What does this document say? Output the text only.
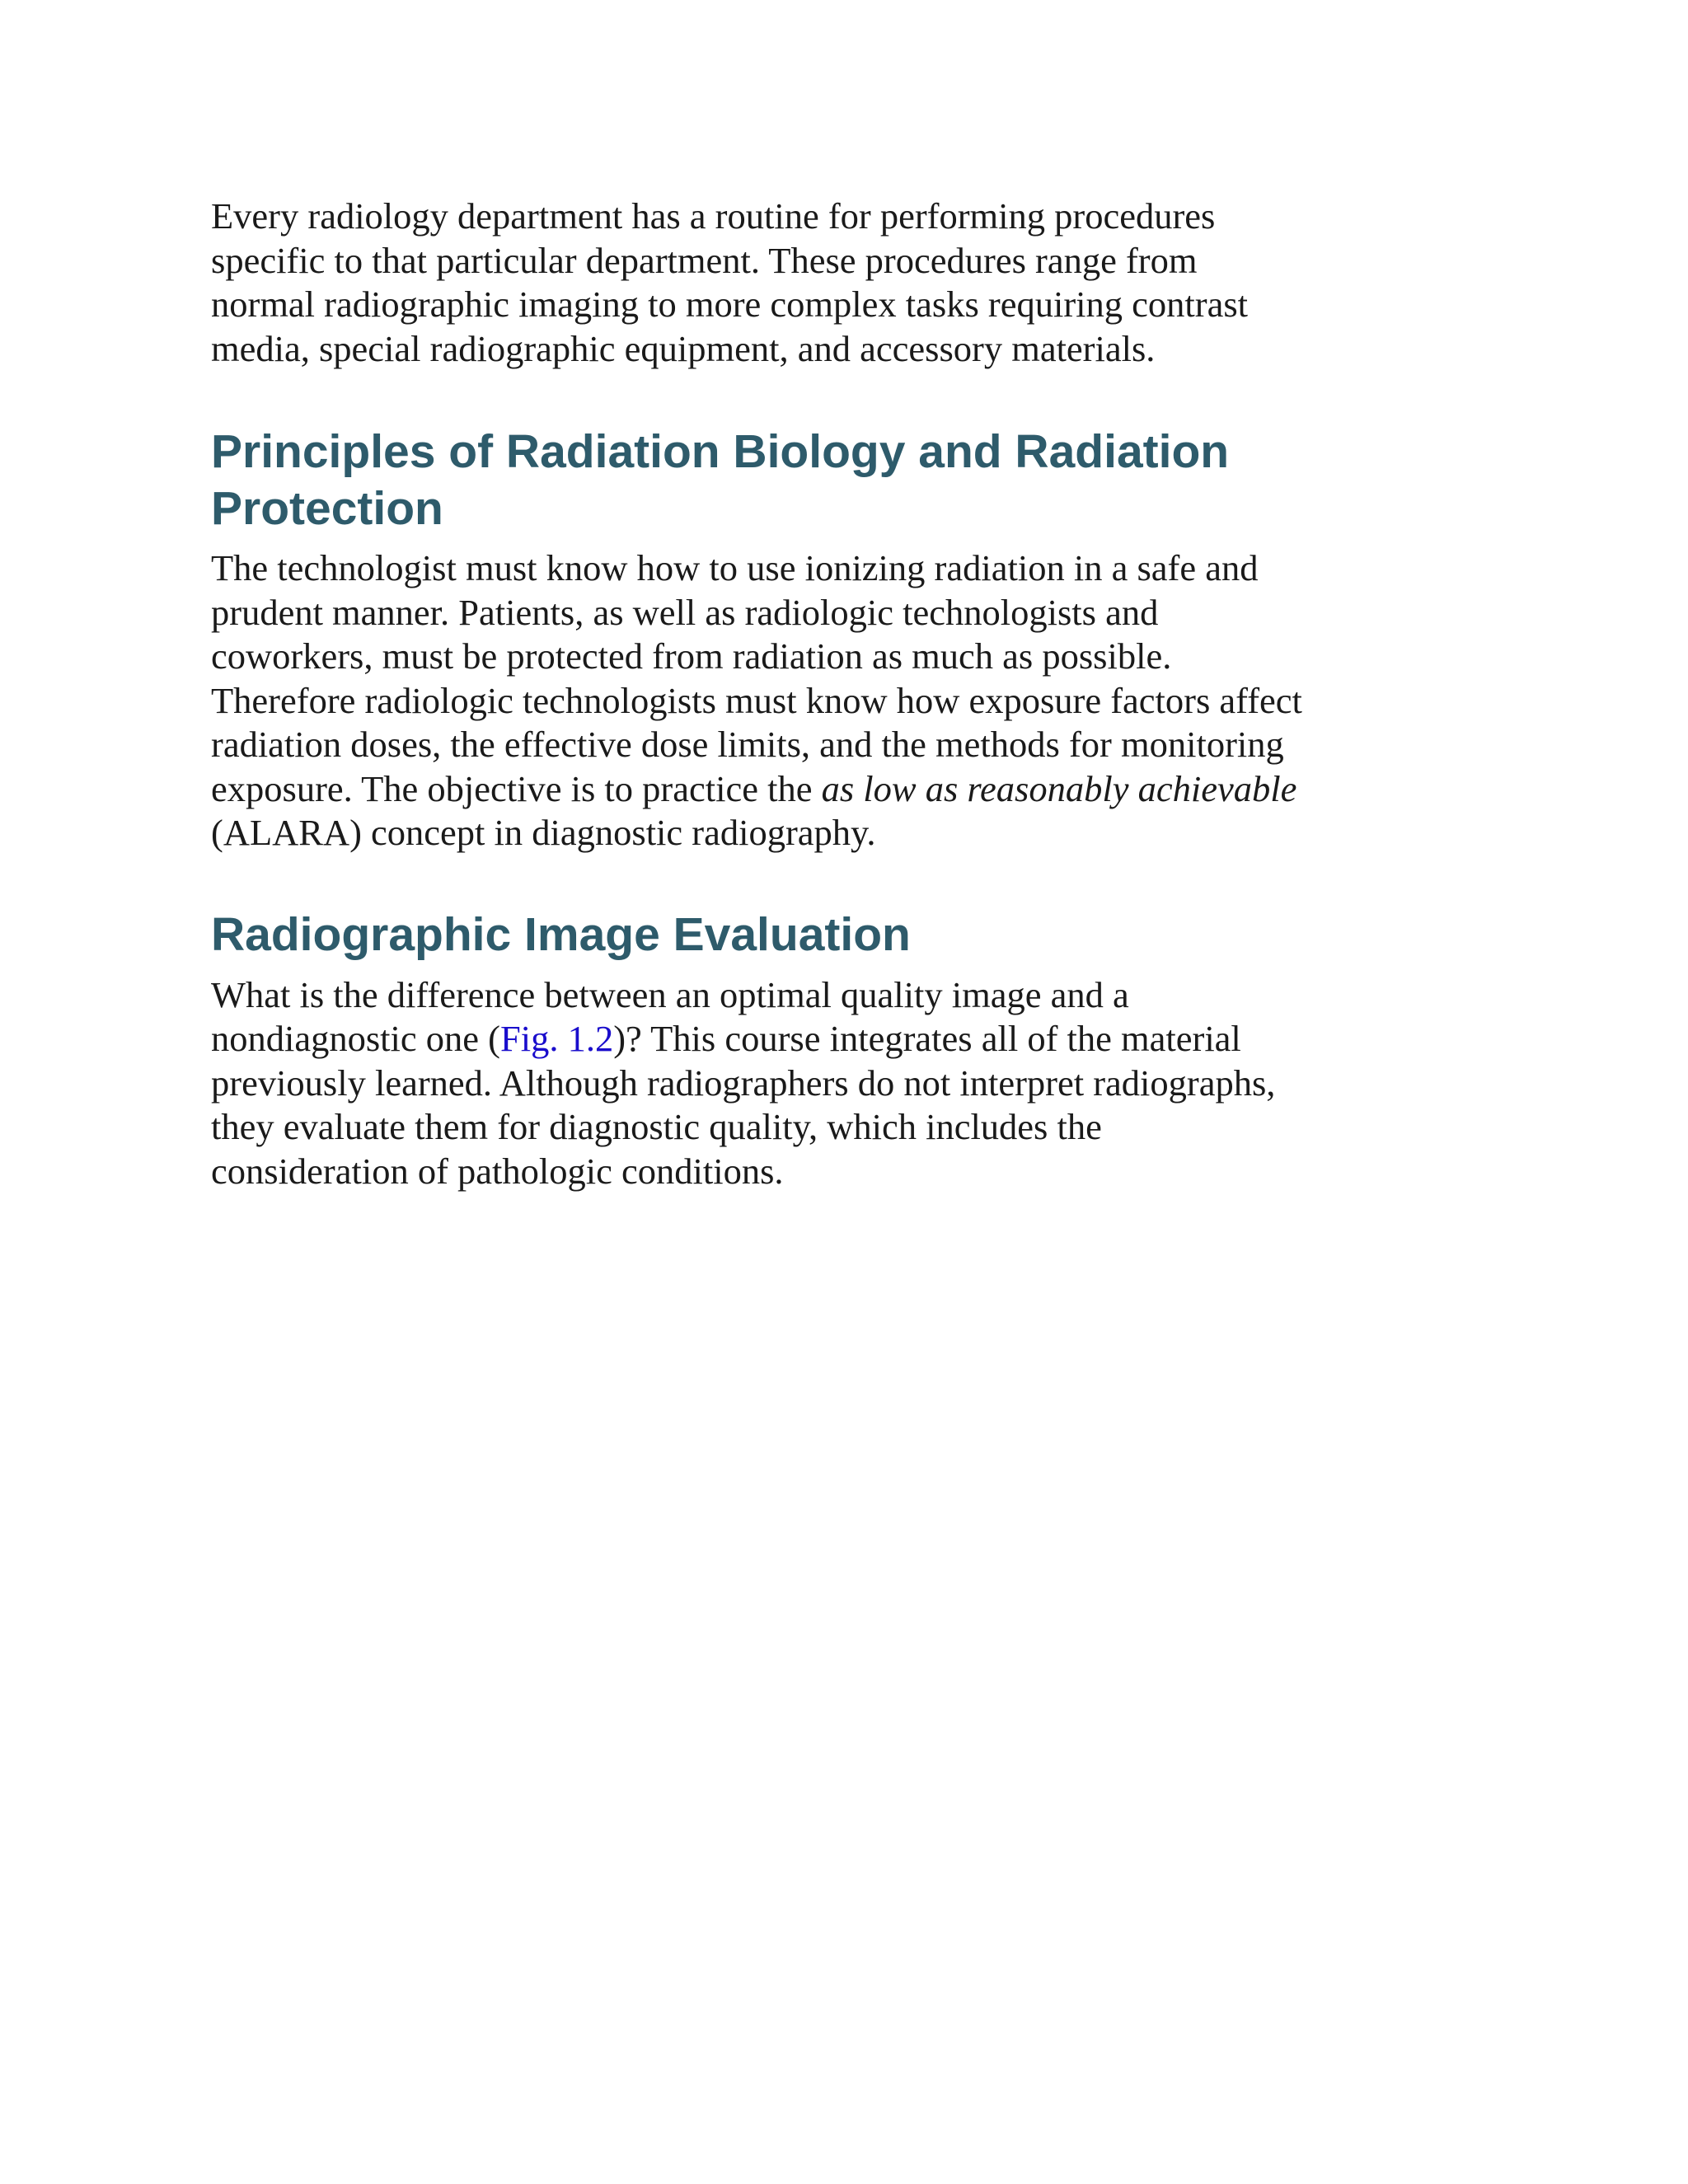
Every radiology department has a routine for performing procedures
specific to that particular department. These procedures range from
normal radiographic imaging to more complex tasks requiring contrast
media, special radiographic equipment, and accessory materials.

Principles of Radiation Biology and Radiation
Protection

The technologist must know how to use ionizing radiation in a safe and
prudent manner. Patients, as well as radiologic technologists and
coworkers, must be protected from radiation as much as possible.
Therefore radiologic technologists must know how exposure factors affect
radiation doses, the effective dose limits, and the methods for monitoring
exposure. The objective is to practice the as low as reasonably achievable
(ALARA) concept in diagnostic radiography.

Radiographic Image Evaluation

What is the difference between an optimal quality image and a
nondiagnostic one (Fig. 1.2)? This course integrates all of the material
previously learned. Although radiographers do not interpret radiographs,
they evaluate them for diagnostic quality, which includes the
consideration of pathologic conditions.
